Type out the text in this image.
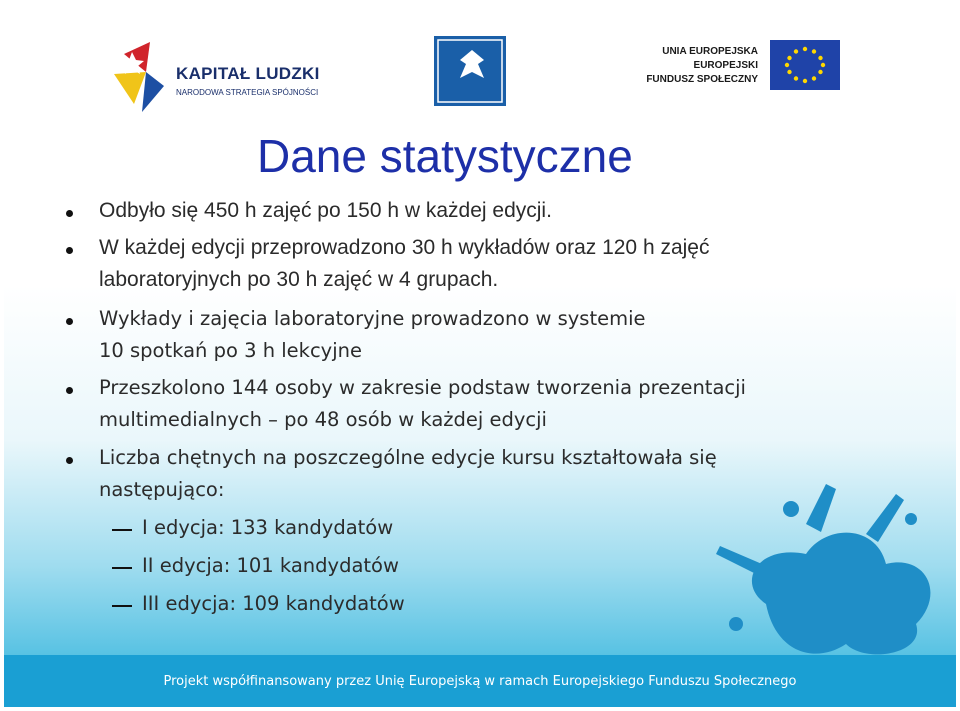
KAPITAŁ LUDZKI
NARODOWA STRATEGIA SPÓJNOŚCI
UNIA EUROPEJSKA
EUROPEJSKI
FUNDUSZ SPOŁECZNY
Dane statystyczne
Odbyło się 450 h zajęć po 150 h w każdej edycji.
W każdej edycji przeprowadzono 30 h wykładów oraz 120 h zajęć
laboratoryjnych po 30 h zajęć w 4 grupach.
Wykłady i zajęcia laboratoryjne prowadzono w systemie
10 spotkań po 3 h lekcyjne
Przeszkolono 144 osoby w zakresie podstaw tworzenia prezentacji
multimedialnych – po 48 osób w każdej edycji
Liczba chętnych na poszczególne edycje kursu kształtowała się
następująco:
I edycja: 133 kandydatów
II edycja: 101 kandydatów
III edycja: 109 kandydatów
Projekt współfinansowany przez Unię Europejską w ramach Europejskiego Funduszu Społecznego
